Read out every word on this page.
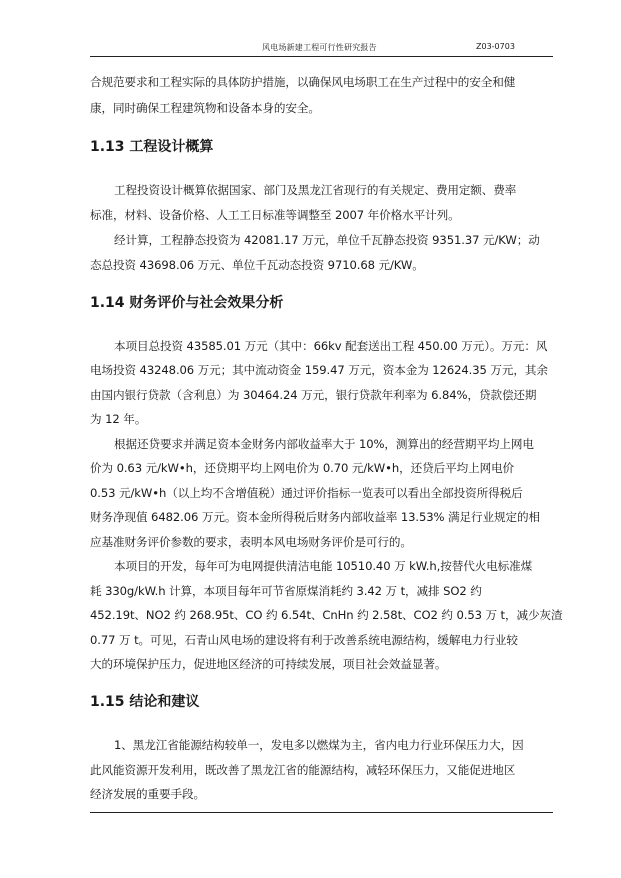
风电场新建工程可行性研究报告	Z03-0703
合规范要求和工程实际的具体防护措施，以确保风电场职工在生产过程中的安全和健
康，同时确保工程建筑物和设备本身的安全。
1.13 工程设计概算
工程投资设计概算依据国家、部门及黑龙江省现行的有关规定、费用定额、费率
标准，材料、设备价格、人工工日标准等调整至 2007 年价格水平计列。
经计算，工程静态投资为 42081.17 万元，单位千瓦静态投资 9351.37 元/KW；动
态总投资 43698.06 万元、单位千瓦动态投资 9710.68 元/KW。
1.14 财务评价与社会效果分析
本项目总投资 43585.01 万元（其中：66kv 配套送出工程 450.00 万元）。万元：风
电场投资 43248.06 万元；其中流动资金 159.47 万元，资本金为 12624.35 万元，其余
由国内银行贷款（含利息）为 30464.24 万元，银行贷款年利率为 6.84%，贷款偿还期
为 12 年。
根据还贷要求并满足资本金财务内部收益率大于 10%，测算出的经营期平均上网电
价为 0.63 元/kW•h，还贷期平均上网电价为 0.70 元/kW•h，还贷后平均上网电价
0.53 元/kW•h（以上均不含增值税）通过评价指标一览表可以看出全部投资所得税后
财务净现值 6482.06 万元。资本金所得税后财务内部收益率 13.53% 满足行业规定的相
应基准财务评价参数的要求，表明本风电场财务评价是可行的。
本项目的开发，每年可为电网提供清洁电能 10510.40 万 kW.h,按替代火电标准煤
耗 330g/kW.h 计算，本项目每年可节省原煤消耗约 3.42 万 t，减排 SO2 约
452.19t、NO2 约 268.95t、CO 约 6.54t、CnHn 约 2.58t、CO2 约 0.53 万 t，减少灰渣
0.77 万 t。可见，石青山风电场的建设将有利于改善系统电源结构，缓解电力行业较
大的环境保护压力，促进地区经济的可持续发展，项目社会效益显著。
1.15 结论和建议
1、黑龙江省能源结构较单一，发电多以燃煤为主，省内电力行业环保压力大，因
此风能资源开发利用，既改善了黑龙江省的能源结构，减轻环保压力，又能促进地区
经济发展的重要手段。
